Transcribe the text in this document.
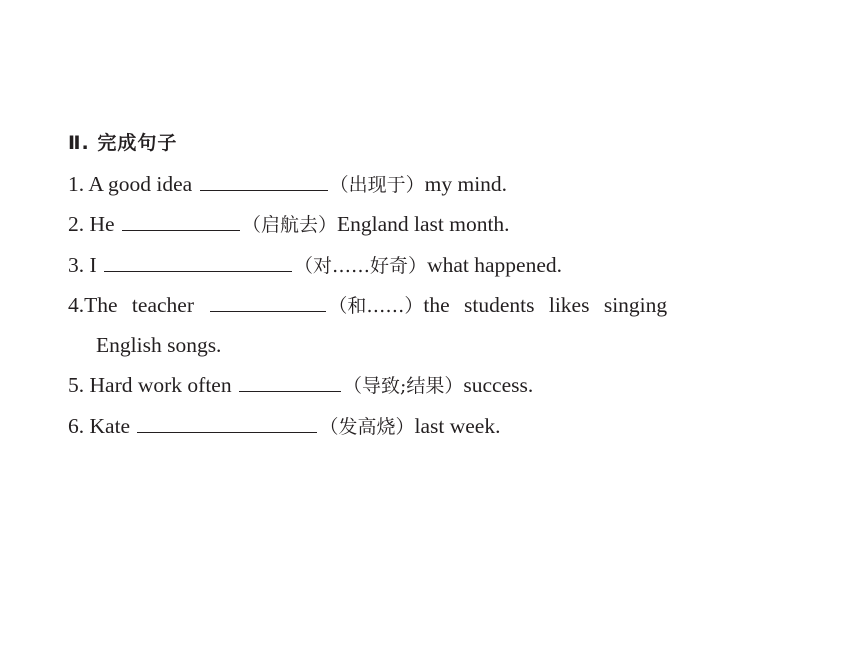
Ⅱ. 完成句子
1. A good idea	（出现于）my mind.
2. He	（启航去）England last month.
3. I	（对……好奇）what happened.
4.The teacher	（和……）the students likes singing
English songs.
5. Hard work often	（导致;结果）success.
6. Kate	（发高烧）last week.
